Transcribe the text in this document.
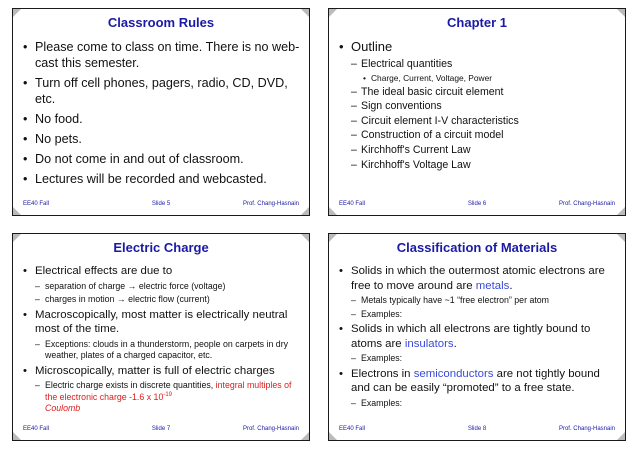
Classroom Rules
• Please come to class on time. There is no web-cast this semester.
• Turn off cell phones, pagers, radio, CD, DVD, etc.
• No food.
• No pets.
• Do not come in and out of classroom.
• Lectures will be recorded and webcasted.
EE40 Fall	Slide 5	Prof. Chang-Hasnain
Chapter 1
• Outline
– Electrical quantities
• Charge, Current, Voltage, Power
– The ideal basic circuit element
– Sign conventions
– Circuit element I-V characteristics
– Construction of a circuit model
– Kirchhoff's Current Law
– Kirchhoff's Voltage Law
EE40 Fall	Slide 6	Prof. Chang-Hasnain
Electric Charge
• Electrical effects are due to
– separation of charge → electric force (voltage)
– charges in motion → electric flow (current)
• Macroscopically, most matter is electrically neutral most of the time.
– Exceptions: clouds in a thunderstorm, people on carpets in dry weather, plates of a charged capacitor, etc.
• Microscopically, matter is full of electric charges
– Electric charge exists in discrete quantities, integral multiples of the electronic charge -1.6 x $10^{-19}$
Coulomb
EE40 Fall	Slide 7	Prof. Chang-Hasnain
Classification of Materials
• Solids in which the outermost atomic electrons are free to move around are metals.
– Metals typically have ~1 “free electron” per atom
– Examples:
• Solids in which all electrons are tightly bound to atoms are insulators.
– Examples:
• Electrons in semiconductors are not tightly bound and can be easily “promoted” to a free state.
– Examples:
EE40 Fall	Slide 8	Prof. Chang-Hasnain
